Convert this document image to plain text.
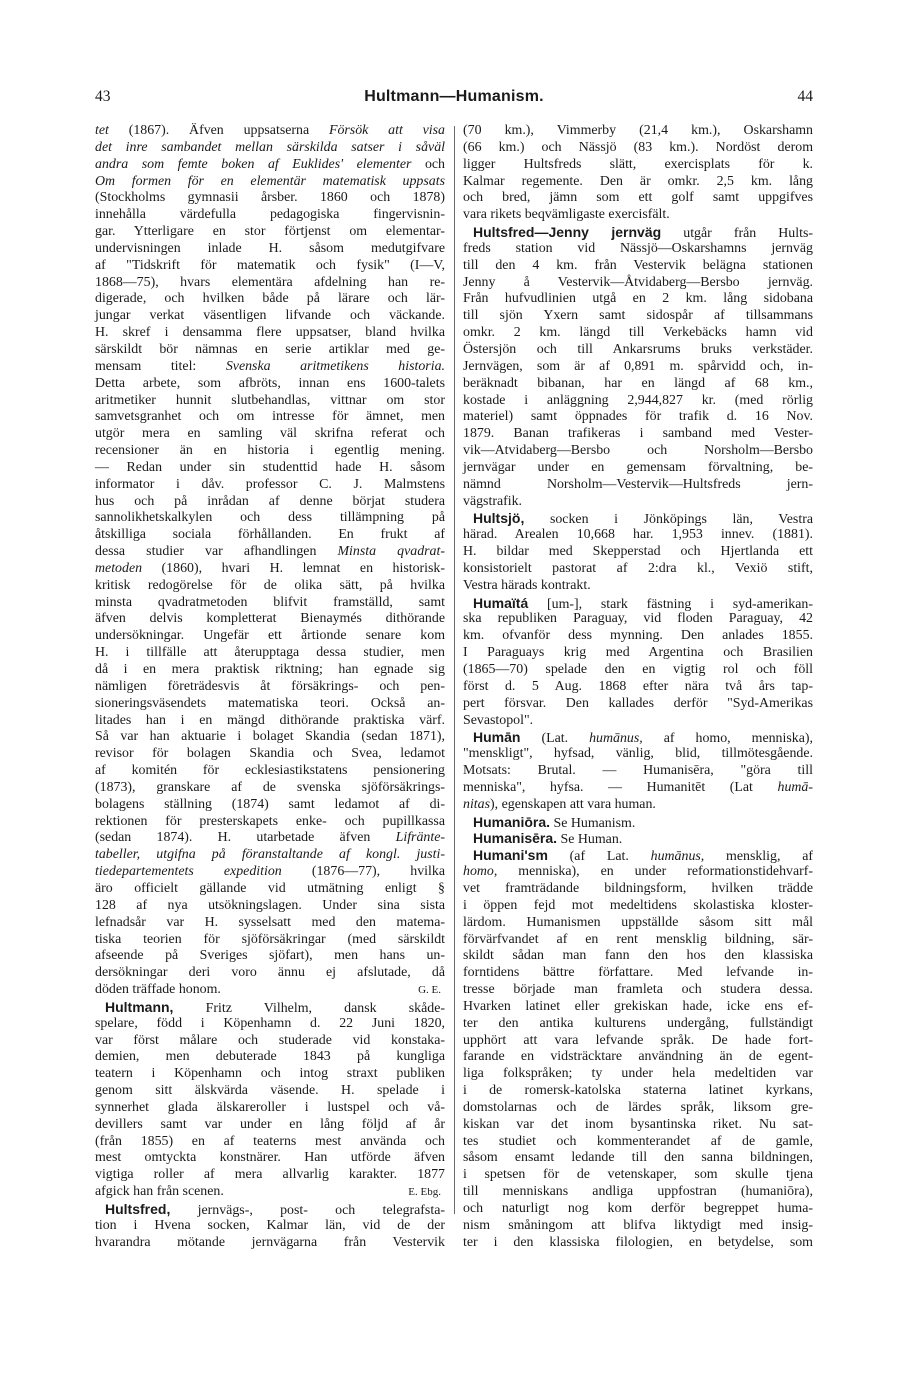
43	Hultmann—Humanism.	44
tet (1867). Äfven uppsatserna Försök att visa
det inre sambandet mellan särskilda satser i såväl
andra som femte boken af Euklides' elementer och
Om formen för en elementär matematisk uppsats
(Stockholms gymnasii årsber. 1860 och 1878)
innehålla värdefulla pedagogiska fingervisnin-
gar. Ytterligare en stor förtjenst om elementar-
undervisningen inlade H. såsom medutgifvare
af "Tidskrift för matematik och fysik" (I—V,
1868—75), hvars elementära afdelning han re-
digerade, och hvilken både på lärare och lär-
jungar verkat väsentligen lifvande och väckande.
H. skref i densamma flere uppsatser, bland hvilka
särskildt bör nämnas en serie artiklar med ge-
mensam titel: Svenska aritmetikens historia.
Detta arbete, som afbröts, innan ens 1600-talets
aritmetiker hunnit slutbehandlas, vittnar om stor
samvetsgranhet och om intresse för ämnet, men
utgör mera en samling väl skrifna referat och
recensioner än en historia i egentlig mening.
— Redan under sin studenttid hade H. såsom
informator i dåv. professor C. J. Malmstens
hus och på inrådan af denne börjat studera
sannolikhetskalkylen och dess tillämpning på
åtskilliga sociala förhållanden. En frukt af
dessa studier var afhandlingen Minsta qvadrat-
metoden (1860), hvari H. lemnat en historisk-
kritisk redogörelse för de olika sätt, på hvilka
minsta qvadratmetoden blifvit framställd, samt
äfven delvis kompletterat Bienaymés dithörande
undersökningar. Ungefär ett årtionde senare kom
H. i tillfälle att återupptaga dessa studier, men
då i en mera praktisk riktning; han egnade sig
nämligen företrädesvis åt försäkrings- och pen-
sioneringsväsendets matematiska teori. Också an-
litades han i en mängd dithörande praktiska värf.
Så var han aktuarie i bolaget Skandia (sedan 1871),
revisor för bolagen Skandia och Svea, ledamot
af komitén för ecklesiastikstatens pensionering
(1873), granskare af de svenska sjöförsäkrings-
bolagens ställning (1874) samt ledamot af di-
rektionen för presterskapets enke- och pupillkassa
(sedan 1874). H. utarbetade äfven Lifränte-
tabeller, utgifna på föranstaltande af kongl. justi-
tiedepartementets expedition (1876—77), hvilka
äro officielt gällande vid utmätning enligt §
128 af nya utsökningslagen. Under sina sista
lefnadsår var H. sysselsatt med den matema-
tiska teorien för sjöförsäkringar (med särskildt
afseende på Sveriges sjöfart), men hans un-
dersökningar deri voro ännu ej afslutade, då
döden träffade honom.	G. E.
Hultmann, Fritz Vilhelm, dansk skåde-
spelare, född i Köpenhamn d. 22 Juni 1820,
var först målare och studerade vid konstaka-
demien, men debuterade 1843 på kungliga
teatern i Köpenhamn och intog straxt publiken
genom sitt älskvärda väsende. H. spelade i
synnerhet glada älskareroller i lustspel och vå-
devillers samt var under en lång följd af år
(från 1855) en af teaterns mest använda och
mest omtyckta konstnärer. Han utförde äfven
vigtiga roller af mera allvarlig karakter. 1877
afgick han från scenen.	E. Ebg.
Hultsfred, jernvägs-, post- och telegrafsta-
tion i Hvena socken, Kalmar län, vid de der
hvarandra mötande jernvägarna från Vestervik
(70 km.), Vimmerby (21,4 km.), Oskarshamn
(66 km.) och Nässjö (83 km.). Nordöst derom
ligger Hultsfreds slätt, exercisplats för k.
Kalmar regemente. Den är omkr. 2,5 km. lång
och bred, jämn som ett golf samt uppgifves
vara rikets beqvämligaste exercisfält.
Hultsfred—Jenny jernväg utgår från Hults-
freds station vid Nässjö—Oskarshamns jernväg
till den 4 km. från Vestervik belägna stationen
Jenny å Vestervik—Åtvidaberg—Bersbo jernväg.
Från hufvudlinien utgå en 2 km. lång sidobana
till sjön Yxern samt sidospår af tillsammans
omkr. 2 km. längd till Verkebäcks hamn vid
Östersjön och till Ankarsrums bruks verkstäder.
Jernvägen, som är af 0,891 m. spårvidd och, in-
beräknadt bibanan, har en längd af 68 km.,
kostade i anläggning 2,944,827 kr. (med rörlig
materiel) samt öppnades för trafik d. 16 Nov.
1879. Banan trafikeras i samband med Vester-
vik—Atvidaberg—Bersbo och Norsholm—Bersbo
jernvägar under en gemensam förvaltning, be-
nämnd Norsholm—Vestervik—Hultsfreds jern-
vägstrafik.
Hultsjö, socken i Jönköpings län, Vestra
härad. Arealen 10,668 har. 1,953 innev. (1881).
H. bildar med Skepperstad och Hjertlanda ett
konsistorielt pastorat af 2:dra kl., Vexiö stift,
Vestra härads kontrakt.
Humaïtá [um-], stark fästning i syd-amerikan-
ska republiken Paraguay, vid floden Paraguay, 42
km. ofvanför dess mynning. Den anlades 1855.
I Paraguays krig med Argentina och Brasilien
(1865—70) spelade den en vigtig rol och föll
först d. 5 Aug. 1868 efter nära två års tap-
pert försvar. Den kallades derför "Syd-Amerikas
Sevastopol".
Humān (Lat. humānus, af homo, menniska),
"menskligt", hyfsad, vänlig, blid, tillmötesgående.
Motsats: Brutal. — Humanisēra, "göra till
menniska", hyfsa. — Humanitēt (Lat humā-
nitas), egenskapen att vara human.
Humaniōra. Se Humanism.
Humanisēra. Se Human.
Humani'sm (af Lat. humānus, mensklig, af
homo, menniska), en under reformationstidehvarf-
vet framträdande bildningsform, hvilken trädde
i öppen fejd mot medeltidens skolastiska kloster-
lärdom. Humanismen uppställde såsom sitt mål
förvärfvandet af en rent mensklig bildning, sär-
skildt sådan man fann den hos den klassiska
forntidens bättre författare. Med lefvande in-
tresse började man framleta och studera dessa.
Hvarken latinet eller grekiskan hade, icke ens ef-
ter den antika kulturens undergång, fullständigt
upphört att vara lefvande språk. De hade fort-
farande en vidsträcktare användning än de egent-
liga folkspråken; ty under hela medeltiden var
i de romersk-katolska staterna latinet kyrkans,
domstolarnas och de lärdes språk, liksom gre-
kiskan var det inom bysantinska riket. Nu sat-
tes studiet och kommenterandet af de gamle,
såsom ensamt ledande till den sanna bildningen,
i spetsen för de vetenskaper, som skulle tjena
till menniskans andliga uppfostran (humaniōra),
och naturligt nog kom derför begreppet huma-
nism småningom att blifva liktydigt med insig-
ter i den klassiska filologien, en betydelse, som
